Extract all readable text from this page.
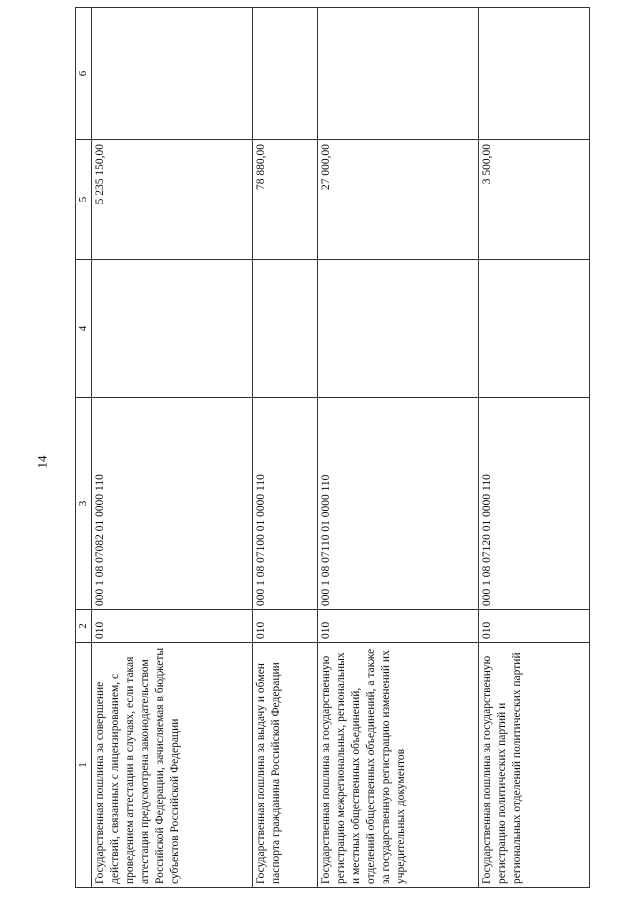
14
1	2	3	4	5	6
Государственная пошлина за совершение действий, связанных с лицензированием, с проведением аттестации в случаях, если такая аттестация предусмотрена законодательством Российской Федерации, зачисляемая в бюджеты субъектов Российской Федерации	010	000 1 08 07082 01 0000 110		5 235 150,00	
Государственная пошлина за выдачу и обмен паспорта гражданина Российской Федерации	010	000 1 08 07100 01 0000 110		78 880,00	
Государственная пошлина за государственную регистрацию межрегиональных, региональных и местных общественных объединений, отделений общественных объединений, а также за государственную регистрацию изменений их учредительных документов	010	000 1 08 07110 01 0000 110		27 000,00	
Государственная пошлина за государственную регистрацию политических партий и региональных отделений политических партий	010	000 1 08 07120 01 0000 110		3 500,00	
